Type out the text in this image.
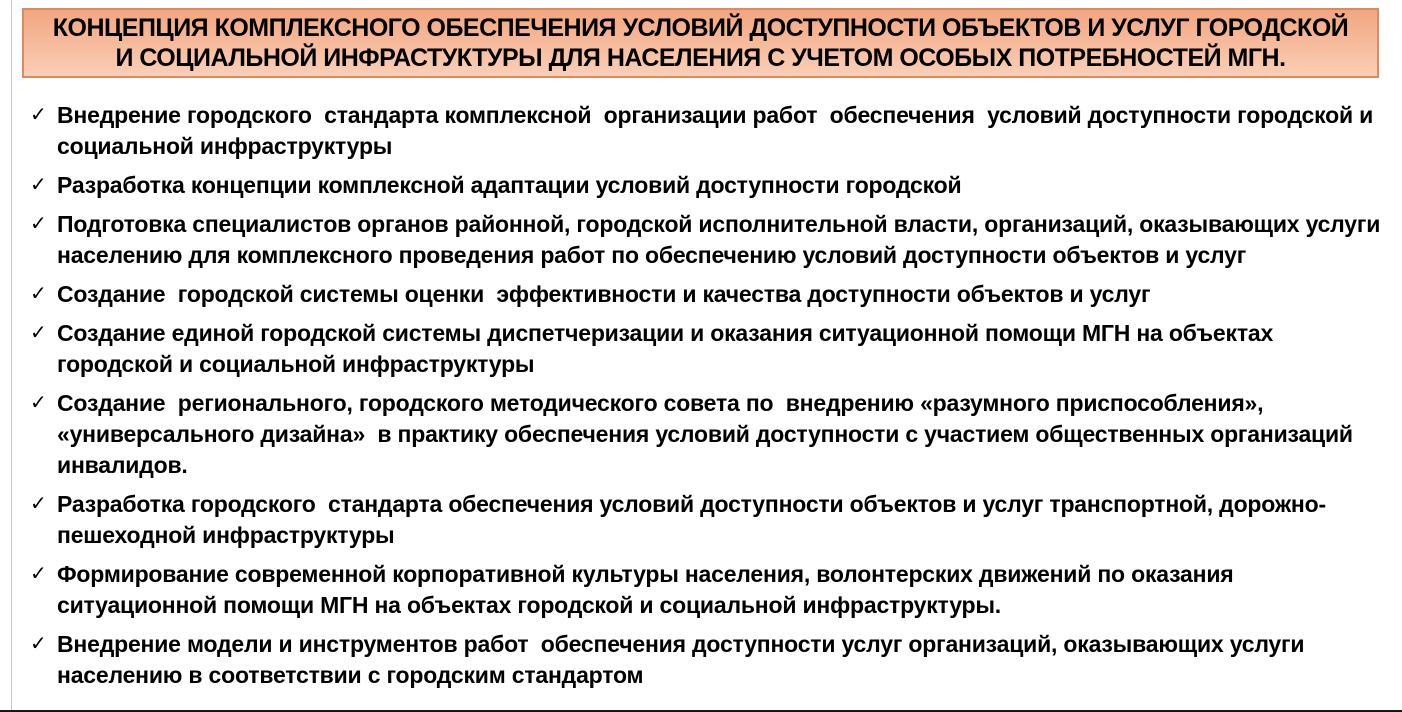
КОНЦЕПЦИЯ КОМПЛЕКСНОГО ОБЕСПЕЧЕНИЯ УСЛОВИЙ ДОСТУПНОСТИ ОБЪЕКТОВ И УСЛУГ ГОРОДСКОЙ
И СОЦИАЛЬНОЙ ИНФРАСТУКТУРЫ ДЛЯ НАСЕЛЕНИЯ С УЧЕТОМ ОСОБЫХ ПОТРЕБНОСТЕЙ МГН.
✓ Внедрение городского  стандарта комплексной  организации работ  обеспечения  условий доступности городской и социальной инфраструктуры
✓ Разработка концепции комплексной адаптации условий доступности городской
✓ Подготовка специалистов органов районной, городской исполнительной власти, организаций, оказывающих услуги населению для комплексного проведения работ по обеспечению условий доступности объектов и услуг
✓ Создание  городской системы оценки  эффективности и качества доступности объектов и услуг
✓ Создание единой городской системы диспетчеризации и оказания ситуационной помощи МГН на объектах городской и социальной инфраструктуры
✓ Создание  регионального, городского методического совета по  внедрению «разумного приспособления», «универсального дизайна»  в практику обеспечения условий доступности с участием общественных организаций инвалидов.
✓ Разработка городского  стандарта обеспечения условий доступности объектов и услуг транспортной, дорожно-пешеходной инфраструктуры
✓ Формирование современной корпоративной культуры населения, волонтерских движений по оказания ситуационной помощи МГН на объектах городской и социальной инфраструктуры.
✓ Внедрение модели и инструментов работ  обеспечения доступности услуг организаций, оказывающих услуги населению в соответствии с городским стандартом
